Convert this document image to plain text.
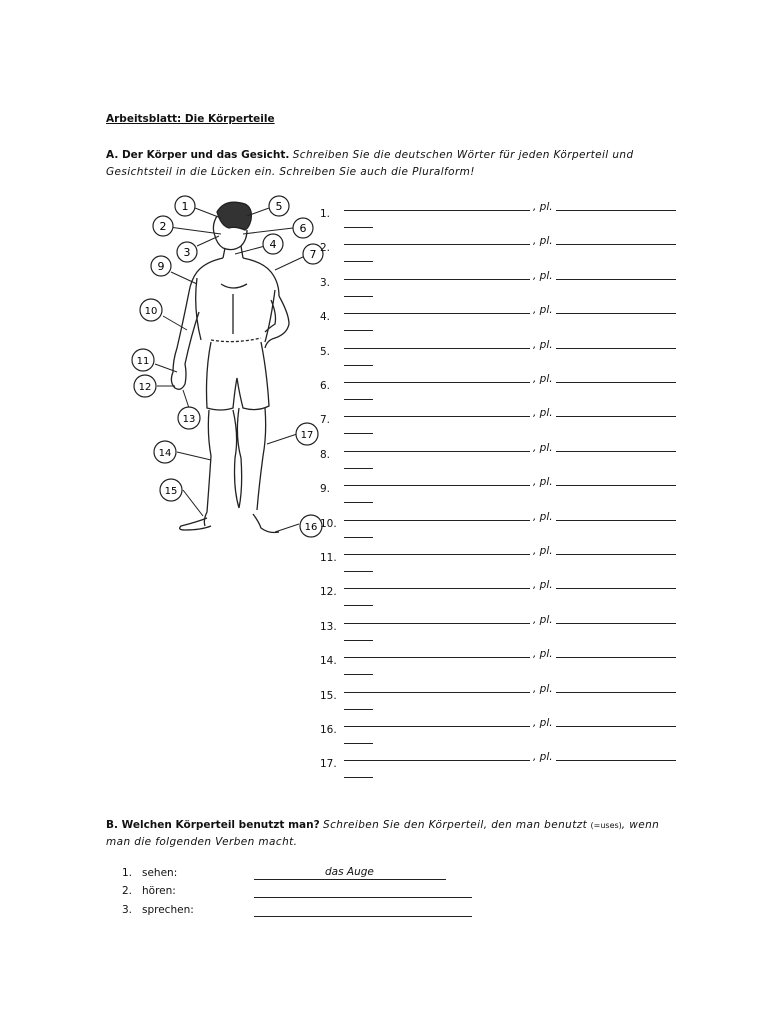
Arbeitsblatt: Die Körperteile
A. Der Körper und das Gesicht. Schreiben Sie die deutschen Wörter für jeden Körperteil und Gesichtsteil in die Lücken ein. Schreiben Sie auch die Pluralform!
1
2
3
4
5
6
7
9
10
11
12
13
14
15
16
17
1.
, pl.
2.
, pl.
3.
, pl.
4.
, pl.
5.
, pl.
6.
, pl.
7.
, pl.
8.
, pl.
9.
, pl.
10.
, pl.
11.
, pl.
12.
, pl.
13.
, pl.
14.
, pl.
15.
, pl.
16.
, pl.
17.
, pl.
B. Welchen Körperteil benutzt man? Schreiben Sie den Körperteil, den man benutzt (=uses), wenn man die folgenden Verben macht.
1. sehen:	das Auge
2. hören:
3. sprechen:
